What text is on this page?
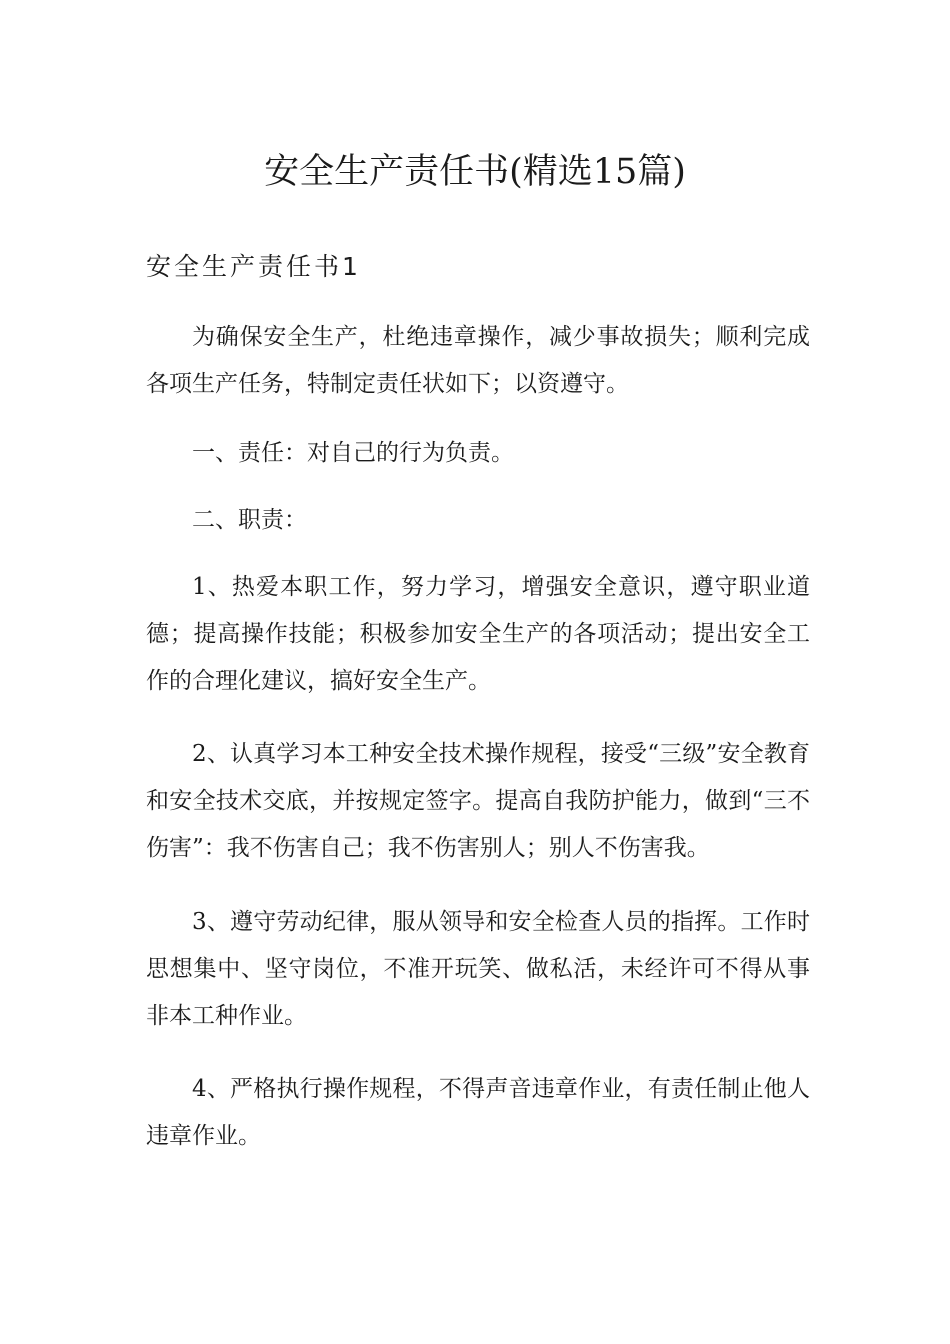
安全生产责任书(精选15篇)
安全生产责任书1

为确保安全生产，杜绝违章操作，减少事故损失；顺利完成各项生产任务，特制定责任状如下；以资遵守。

一、责任：对自己的行为负责。

二、职责：

1、热爱本职工作，努力学习，增强安全意识，遵守职业道德；提高操作技能；积极参加安全生产的各项活动；提出安全工作的合理化建议，搞好安全生产。

2、认真学习本工种安全技术操作规程，接受“三级”安全教育和安全技术交底，并按规定签字。提高自我防护能力，做到“三不伤害”：我不伤害自己；我不伤害别人；别人不伤害我。

3、遵守劳动纪律，服从领导和安全检查人员的指挥。工作时思想集中、坚守岗位，不准开玩笑、做私活，未经许可不得从事非本工种作业。

4、严格执行操作规程，不得声音违章作业，有责任制止他人违章作业。
